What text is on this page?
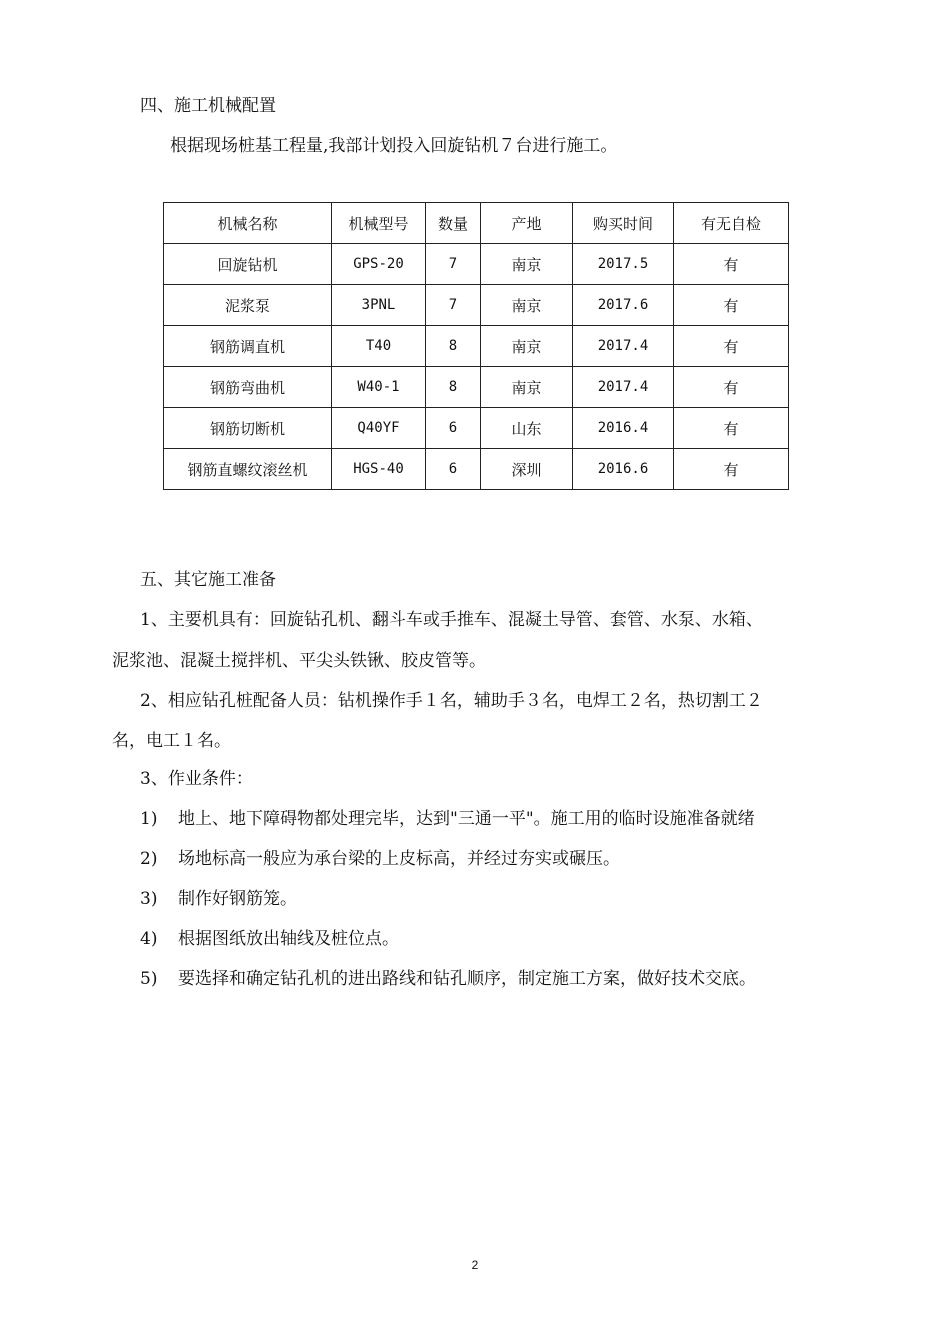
四、施工机械配置
根据现场桩基工程量,我部计划投入回旋钻机７台进行施工。
机械名称	机械型号	数量	产地	购买时间	有无自检
回旋钻机	GPS-20	7	南京	2017.5	有
泥浆泵	3PNL	7	南京	2017.6	有
钢筋调直机	T40	8	南京	2017.4	有
钢筋弯曲机	W40-1	8	南京	2017.4	有
钢筋切断机	Q40YF	6	山东	2016.4	有
钢筋直螺纹滚丝机	HGS-40	6	深圳	2016.6	有
五、其它施工准备
1、主要机具有：回旋钻孔机、翻斗车或手推车、混凝土导管、套管、水泵、水箱、
泥浆池、混凝土搅拌机、平尖头铁锹、胶皮管等。
2、相应钻孔桩配备人员：钻机操作手１名，辅助手３名，电焊工２名，热切割工２
名，电工１名。
3、作业条件：
1) 地上、地下障碍物都处理完毕，达到"三通一平"。施工用的临时设施准备就绪
2) 场地标高一般应为承台梁的上皮标高，并经过夯实或碾压。
3) 制作好钢筋笼。
4) 根据图纸放出轴线及桩位点。
5) 要选择和确定钻孔机的进出路线和钻孔顺序，制定施工方案，做好技术交底。
2
